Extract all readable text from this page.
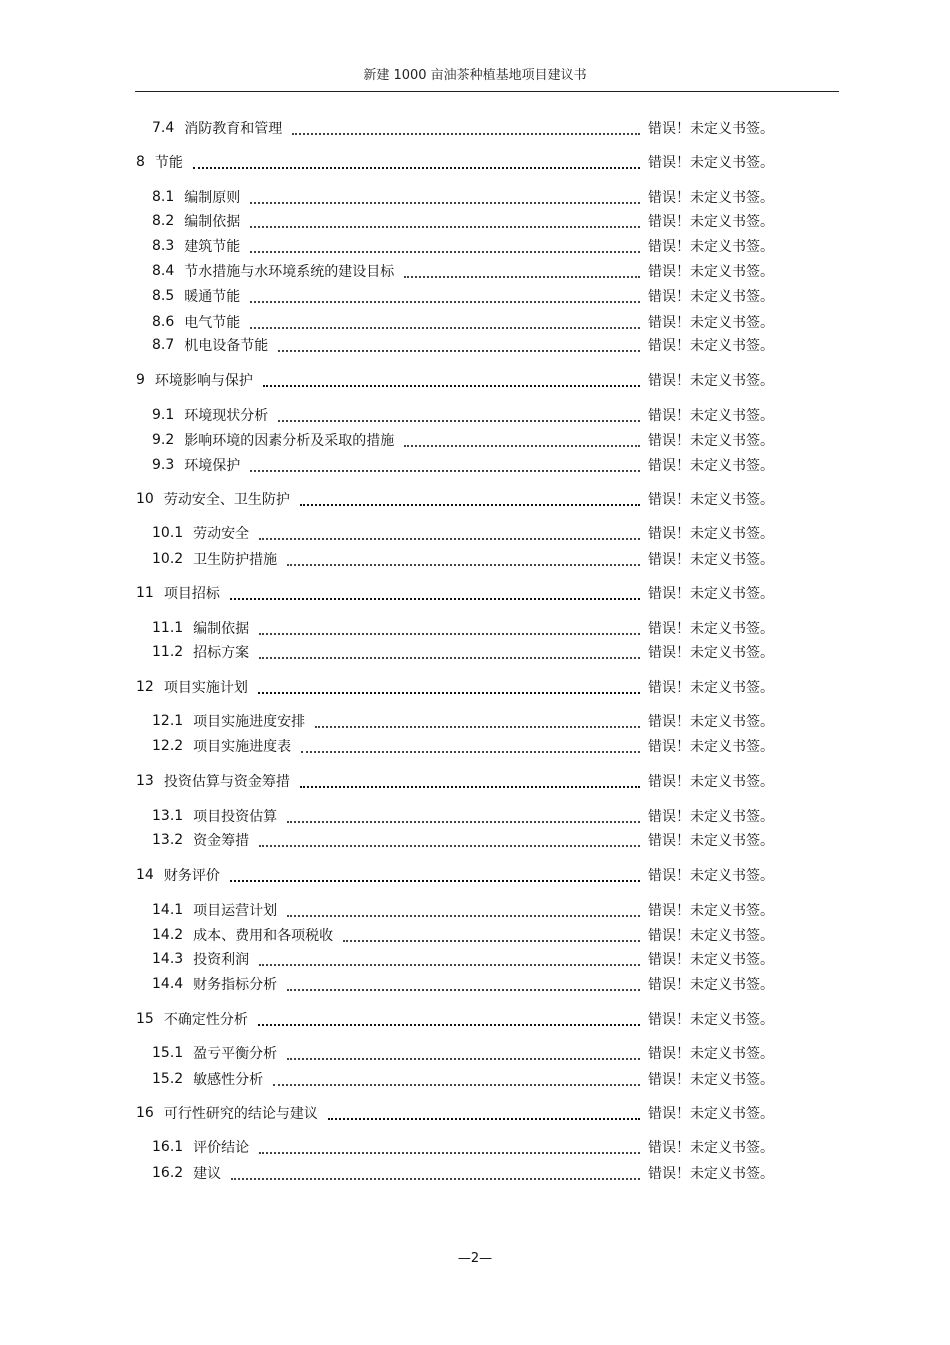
新建 1000 亩油茶种植基地项目建议书
7.4 消防教育和管理	错误！未定义书签。
8 节能	错误！未定义书签。
8.1 编制原则	错误！未定义书签。
8.2 编制依据	错误！未定义书签。
8.3 建筑节能	错误！未定义书签。
8.4 节水措施与水环境系统的建设目标	错误！未定义书签。
8.5 暖通节能	错误！未定义书签。
8.6 电气节能	错误！未定义书签。
8.7 机电设备节能	错误！未定义书签。
9 环境影响与保护	错误！未定义书签。
9.1 环境现状分析	错误！未定义书签。
9.2 影响环境的因素分析及采取的措施	错误！未定义书签。
9.3 环境保护	错误！未定义书签。
10 劳动安全、卫生防护	错误！未定义书签。
10.1 劳动安全	错误！未定义书签。
10.2 卫生防护措施	错误！未定义书签。
11 项目招标	错误！未定义书签。
11.1 编制依据	错误！未定义书签。
11.2 招标方案	错误！未定义书签。
12 项目实施计划	错误！未定义书签。
12.1 项目实施进度安排	错误！未定义书签。
12.2 项目实施进度表	错误！未定义书签。
13 投资估算与资金筹措	错误！未定义书签。
13.1 项目投资估算	错误！未定义书签。
13.2 资金筹措	错误！未定义书签。
14 财务评价	错误！未定义书签。
14.1 项目运营计划	错误！未定义书签。
14.2 成本、费用和各项税收	错误！未定义书签。
14.3 投资利润	错误！未定义书签。
14.4 财务指标分析	错误！未定义书签。
15 不确定性分析	错误！未定义书签。
15.1 盈亏平衡分析	错误！未定义书签。
15.2 敏感性分析	错误！未定义书签。
16 可行性研究的结论与建议	错误！未定义书签。
16.1 评价结论	错误！未定义书签。
16.2 建议	错误！未定义书签。
—2—
